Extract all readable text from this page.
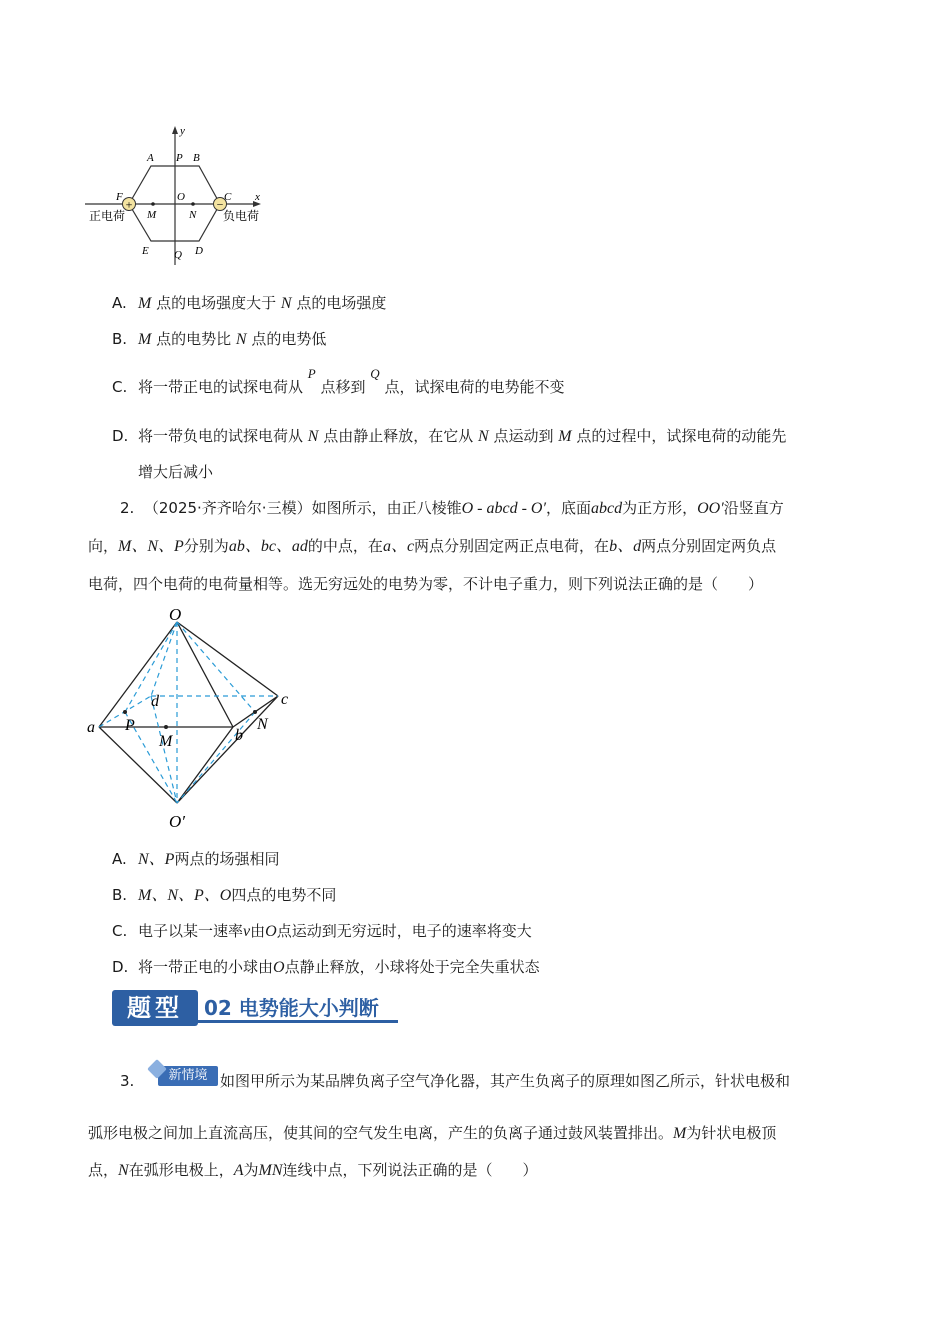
+	−
y
x
A P B
F	O	C
M	N
E Q D
正电荷	负电荷
A. M 点的电场强度大于 N 点的电场强度
B. M 点的电势比 N 点的电势低
C. 将一带正电的试探电荷从 P 点移到 Q 点，试探电荷的电势能不变
D. 将一带负电的试探电荷从 N 点由静止释放，在它从 N 点运动到 M 点的过程中，试探电荷的动能先
增大后减小
2. （2025·齐齐哈尔·三模）如图所示，由正八棱锥O - abcd - O′，底面abcd为正方形，OO′沿竖直方
向，M、N、P分别为ab、bc、ad的中点，在a、c两点分别固定两正点电荷，在b、d两点分别固定两负点
电荷，四个电荷的电荷量相等。选无穷远处的电势为零，不计电子重力，则下列说法正确的是（　　）
O
O′
a	b
c
d
M
N
P
A. N、P两点的场强相同
B. M、N、P、O四点的电势不同
C. 电子以某一速率v由O点运动到无穷远时，电子的速率将变大
D. 将一带正电的小球由O点静止释放，小球将处于完全失重状态
题型	02 电势能大小判断
3.	新情境 如图甲所示为某品牌负离子空气净化器，其产生负离子的原理如图乙所示，针状电极和
弧形电极之间加上直流高压，使其间的空气发生电离，产生的负离子通过鼓风装置排出。M为针状电极顶
点，N在弧形电极上，A为MN连线中点，下列说法正确的是（　　）
